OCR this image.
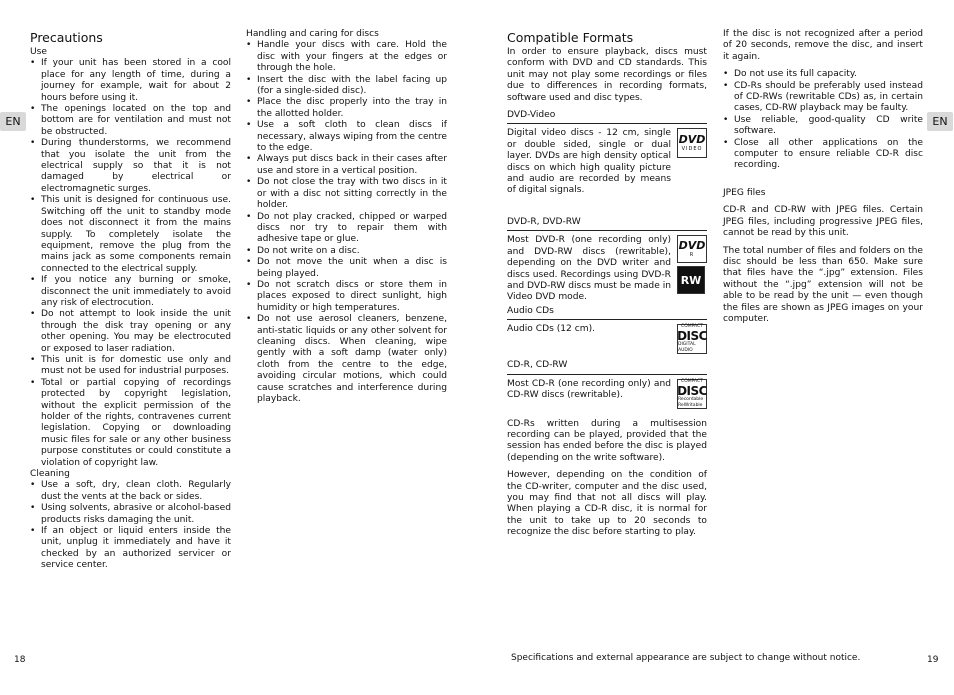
EN	EN
Precautions
Use
• If your unit has been stored in a cool place for any length of time, during a journey for example, wait for about 2 hours before using it.
• The openings located on the top and bottom are for ventilation and must not be obstructed.
• During thunderstorms, we recommend that you isolate the unit from the electrical supply so that it is not damaged by electrical or electromagnetic surges.
• This unit is designed for continuous use. Switching off the unit to standby mode does not disconnect it from the mains supply. To completely isolate the equipment, remove the plug from the mains jack as some components remain connected to the electrical supply.
• If you notice any burning or smoke, disconnect the unit immediately to avoid any risk of electrocution.
• Do not attempt to look inside the unit through the disk tray opening or any other opening. You may be electrocuted or exposed to laser radiation.
• This unit is for domestic use only and must not be used for industrial purposes.
• Total or partial copying of recordings protected by copyright legislation, without the explicit permission of the holder of the rights, contravenes current legislation. Copying or downloading music files for sale or any other business purpose constitutes or could constitute a violation of copyright law.
Cleaning
• Use a soft, dry, clean cloth. Regularly dust the vents at the back or sides.
• Using solvents, abrasive or alcohol-based products risks damaging the unit.
• If an object or liquid enters inside the unit, unplug it immediately and have it checked by an authorized servicer or service center.
Handling and caring for discs
• Handle your discs with care. Hold the disc with your fingers at the edges or through the hole.
• Insert the disc with the label facing up (for a single-sided disc).
• Place the disc properly into the tray in the allotted holder.
• Use a soft cloth to clean discs if necessary, always wiping from the centre to the edge.
• Always put discs back in their cases after use and store in a vertical position.
• Do not close the tray with two discs in it or with a disc not sitting correctly in the holder.
• Do not play cracked, chipped or warped discs nor try to repair them with adhesive tape or glue.
• Do not write on a disc.
• Do not move the unit when a disc is being played.
• Do not scratch discs or store them in places exposed to direct sunlight, high humidity or high temperatures.
• Do not use aerosol cleaners, benzene, anti-static liquids or any other solvent for cleaning discs. When cleaning, wipe gently with a soft damp (water only) cloth from the centre to the edge, avoiding circular motions, which could cause scratches and interference during playback.
Compatible Formats

In order to ensure playback, discs must conform with DVD and CD standards. This unit may not play some recordings or files due to differences in recording formats, software used and disc types.

DVD-Video

Digital video discs - 12 cm, single or double sided, single or dual layer. DVDs are high density optical discs on which high quality picture and audio are recorded by means of digital signals.

DVD
VIDEO
DVD-R, DVD-RW

Most DVD-R (one recording only) and DVD-RW discs (rewritable), depending on the DVD writer and discs used. Recordings using DVD-R and DVD-RW discs must be made in Video DVD mode.

DVD
R
RW
Audio CDs

Audio CDs (12 cm).	COMPACT
DISC
DIGITAL AUDIO
CD-R, CD-RW

Most CD-R (one recording only) and CD-RW discs (rewritable).

COMPACT
DISC
Recordable ReWritable

CD-Rs written during a multisession recording can be played, provided that the session has ended before the disc is played (depending on the write software).

However, depending on the condition of the CD-writer, computer and the disc used, you may find that not all discs will play. When playing a CD-R disc, it is normal for the unit to take up to 20 seconds to recognize the disc before starting to play.

If the disc is not recognized after a period of 20 seconds, remove the disc, and insert it again.

• Do not use its full capacity.
• CD-Rs should be preferably used instead of CD-RWs (rewritable CDs) as, in certain cases, CD-RW playback may be faulty.
• Use reliable, good-quality CD write software.
• Close all other applications on the computer to ensure reliable CD-R disc recording.
JPEG files

CD-R and CD-RW with JPEG files. Certain JPEG files, including progressive JPEG files, cannot be read by this unit.

The total number of files and folders on the disc should be less than 650. Make sure that files have the “.jpg” extension. Files without the “.jpg” extension will not be able to be read by the unit — even though the files are shown as JPEG images on your computer.

18	Specifications and external appearance are subject to change without notice.	19
